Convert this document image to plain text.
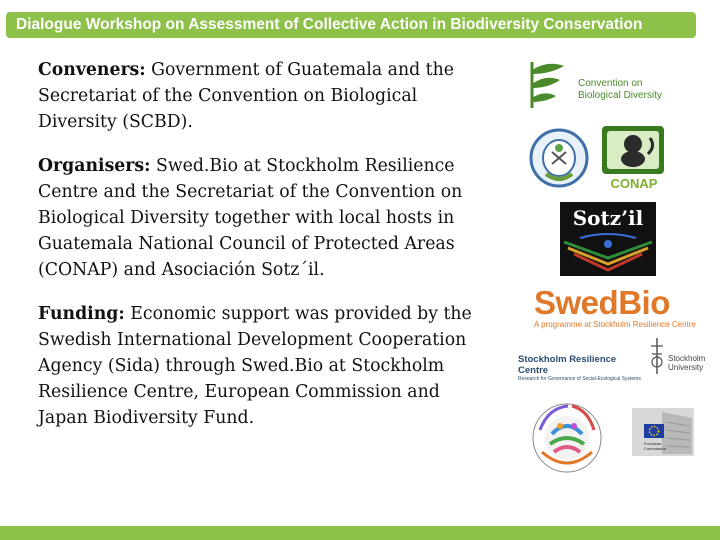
Dialogue Workshop on Assessment of Collective Action in Biodiversity Conservation

Conveners: Government of Guatemala and the Secretariat of the Convention on Biological Diversity (SCBD).

Organisers: Swed.Bio at Stockholm Resilience Centre and the Secretariat of the Convention on Biological Diversity together with local hosts in Guatemala National Council of Protected Areas (CONAP) and Asociación Sotz´il.

Funding: Economic support was provided by the Swedish International Development Cooperation Agency (Sida) through Swed.Bio at Stockholm Resilience Centre, European Commission and Japan Biodiversity Fund.

Convention on
Biological Diversity
CONAP
Sotz’il
SwedBio
A programme at Stockholm Resilience Centre
Stockholm Resilience Centre
Research for Governance of Social-Ecological Systems
Stockholm
University
European
Commission
